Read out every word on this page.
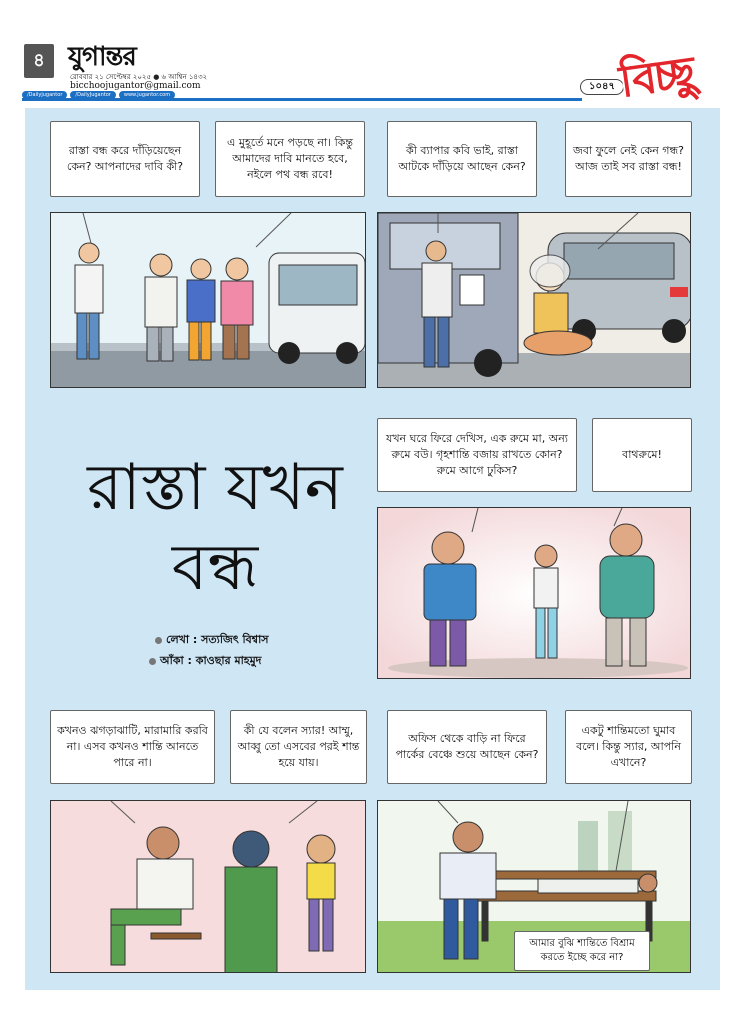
৪ যুগান্তর
রোববার ২১ সেপ্টেম্বর ২০২৫ ● ৬ আশ্বিন ১৪৩২
bicchoojugantor@gmail.com
/Dailyjugantor	/DailyJugantor	www.jugantor.com
১০৪৭ বিচ্ছু
রাস্তা বন্ধ করে দাঁড়িয়েছেন কেন? আপনাদের দাবি কী?
এ মুহূর্তে মনে পড়ছে না। কিন্তু আমাদের দাবি মানতে হবে, নইলে পথ বন্ধ রবে!
কী ব্যাপার কবি ভাই, রাস্তা আটকে দাঁড়িয়ে আছেন কেন?
জবা ফুলে নেই কেন গন্ধ? আজ তাই সব রাস্তা বন্ধ!
রাস্তা যখন
বন্ধ
লেখা : সত্যজিৎ বিশ্বাস
আঁকা : কাওছার মাহমুদ
যখন ঘরে ফিরে দেখিস, এক রুমে মা, অন্য রুমে বউ। গৃহশান্তি বজায় রাখতে কোন? রুমে আগে ঢুকিস?
বাথরুমে!
কখনও ঝগড়াঝাটি, মারামারি করবি না। এসব কখনও শান্তি আনতে পারে না।
কী যে বলেন স্যার! আম্মু, আব্বু তো এসবের পরই শান্ত হয়ে যায়।
অফিস থেকে বাড়ি না ফিরে পার্কের বেঞ্চে শুয়ে আছেন কেন?
একটু শান্তিমতো ঘুমাব বলে। কিন্তু স্যার, আপনি এখানে?
আমার বুঝি শান্তিতে বিশ্রাম করতে ইচ্ছে করে না?
